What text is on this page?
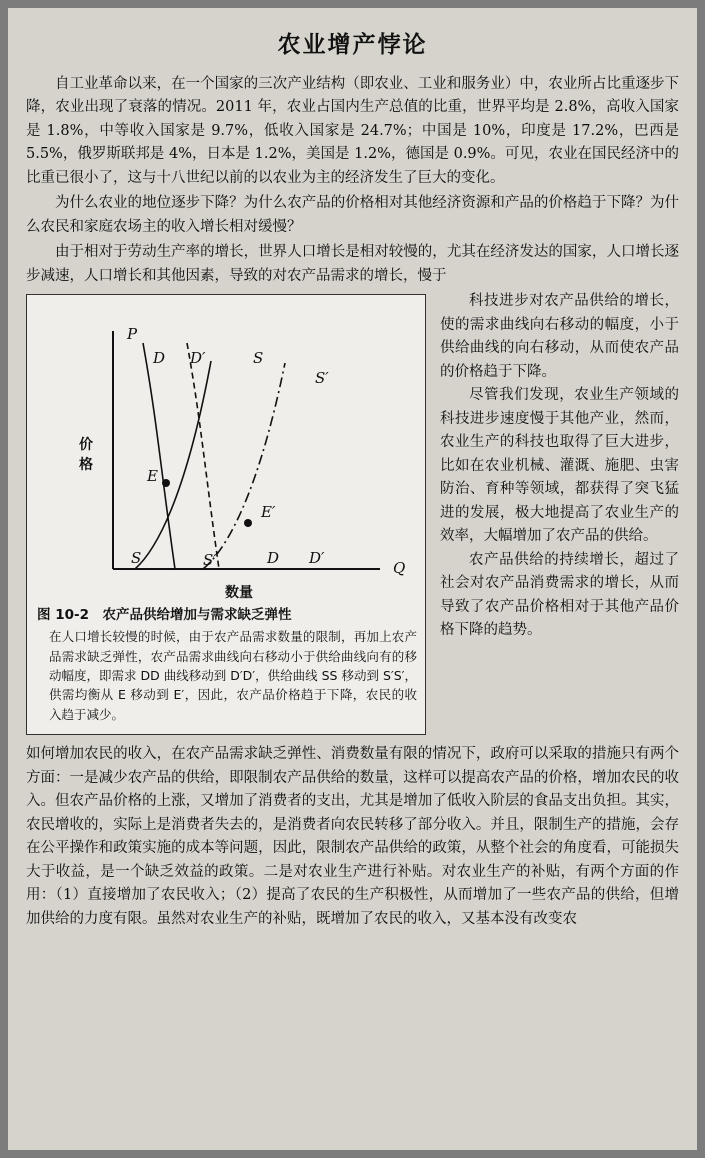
农业增产悖论

自工业革命以来，在一个国家的三次产业结构（即农业、工业和服务业）中，农业所占比重逐步下降，农业出现了衰落的情况。2011 年，农业占国内生产总值的比重，世界平均是 2.8%，高收入国家是 1.8%，中等收入国家是 9.7%，低收入国家是 24.7%；中国是 10%，印度是 17.2%，巴西是 5.5%，俄罗斯联邦是 4%，日本是 1.2%，美国是 1.2%，德国是 0.9%。可见，农业在国民经济中的比重已很小了，这与十八世纪以前的以农业为主的经济发生了巨大的变化。

为什么农业的地位逐步下降？为什么农产品的价格相对其他经济资源和产品的价格趋于下降？为什么农民和家庭农场主的收入增长相对缓慢？

由于相对于劳动生产率的增长，世界人口增长是相对较慢的，尤其在经济发达的国家，人口增长逐步减速，人口增长和其他因素，导致的对农产品需求的增长，慢于

P
Q
D D′	S
S′
E
E′
S	S′	D D′
价
格
数量
图 10-2　农产品供给增加与需求缺乏弹性
在人口增长较慢的时候，由于农产品需求数量的限制，再加上农产品需求缺乏弹性，农产品需求曲线向右移动小于供给曲线向有的移动幅度，即需求 DD 曲线移动到 D′D′，供给曲线 SS 移动到 S′S′，供需均衡从 E 移动到 E′，因此，农产品价格趋于下降，农民的收入趋于减少。

科技进步对农产品供给的增长，使的需求曲线向右移动的幅度，小于供给曲线的向右移动，从而使农产品的价格趋于下降。

尽管我们发现，农业生产领域的科技进步速度慢于其他产业，然而，农业生产的科技也取得了巨大进步，比如在农业机械、灌溉、施肥、虫害防治、育种等领域，都获得了突飞猛进的发展，极大地提高了农业生产的效率，大幅增加了农产品的供给。

农产品供给的持续增长，超过了社会对农产品消费需求的增长，从而导致了农产品价格相对于其他产品价格下降的趋势。

如何增加农民的收入，在农产品需求缺乏弹性、消费数量有限的情况下，政府可以采取的措施只有两个方面：一是减少农产品的供给，即限制农产品供给的数量，这样可以提高农产品的价格，增加农民的收入。但农产品价格的上涨，又增加了消费者的支出，尤其是增加了低收入阶层的食品支出负担。其实，农民增收的，实际上是消费者失去的，是消费者向农民转移了部分收入。并且，限制生产的措施，会存在公平操作和政策实施的成本等问题，因此，限制农产品供给的政策，从整个社会的角度看，可能损失大于收益，是一个缺乏效益的政策。二是对农业生产进行补贴。对农业生产的补贴，有两个方面的作用：（1）直接增加了农民收入；（2）提高了农民的生产积极性，从而增加了一些农产品的供给，但增加供给的力度有限。虽然对农业生产的补贴，既增加了农民的收入，又基本没有改变农
